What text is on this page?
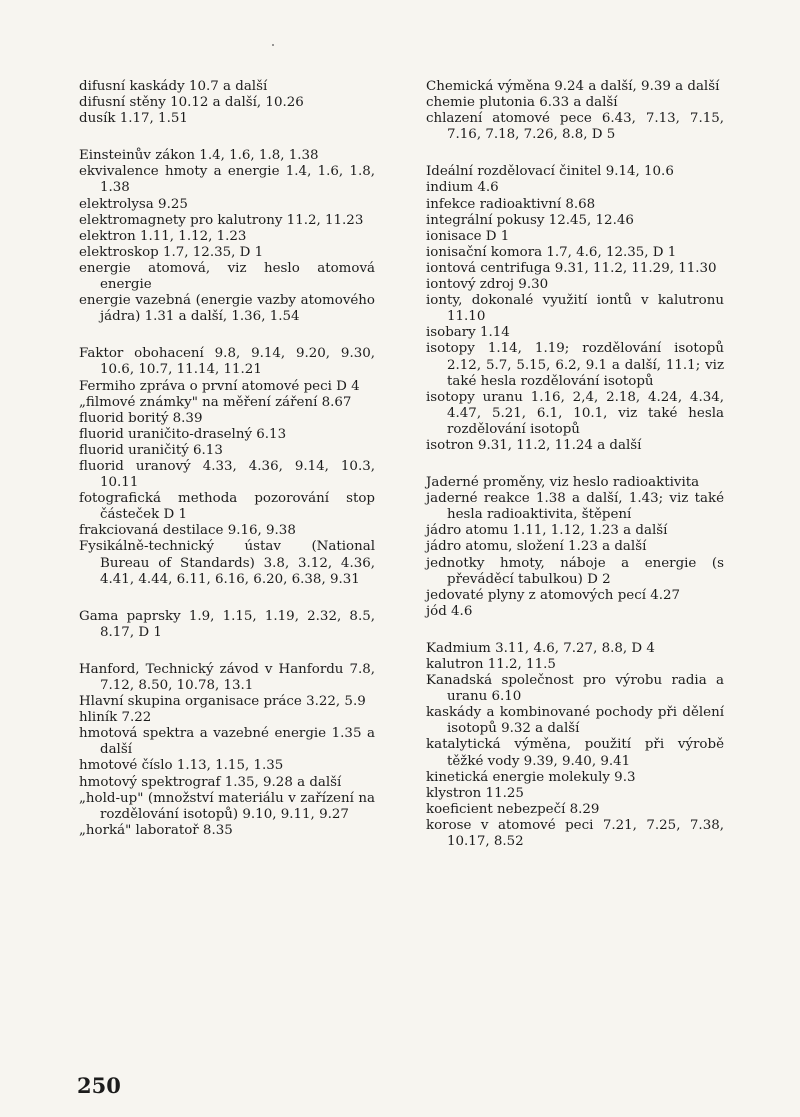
difusní kaskády 10.7 a další

difusní stěny 10.12 a další, 10.26

dusík 1.17, 1.51

Einsteinův zákon 1.4, 1.6, 1.8, 1.38

ekvivalence hmoty a energie 1.4, 1.6, 1.8, 1.38

elektrolysa 9.25

elektromagnety pro kalutrony 11.2, 11.23

elektron 1.11, 1.12, 1.23

elektroskop 1.7, 12.35, D 1

energie atomová, viz heslo atomová energie

energie vazebná (energie vazby atomového jádra) 1.31 a další, 1.36, 1.54

Faktor obohacení 9.8, 9.14, 9.20, 9.30, 10.6, 10.7, 11.14, 11.21

Fermiho zpráva o první atomové peci D 4

„filmové známky" na měření záření 8.67

fluorid boritý 8.39

fluorid uraničito-draselný 6.13

fluorid uraničitý 6.13

fluorid uranový 4.33, 4.36, 9.14, 10.3, 10.11

fotografická methoda pozorování stop částeček D 1

frakciovaná destilace 9.16, 9.38

Fysikálně-technický ústav (National Bureau of Standards) 3.8, 3.12, 4.36, 4.41, 4.44, 6.11, 6.16, 6.20, 6.38, 9.31

Gama paprsky 1.9, 1.15, 1.19, 2.32, 8.5, 8.17, D 1

Hanford, Technický závod v Hanfordu 7.8, 7.12, 8.50, 10.78, 13.1

Hlavní skupina organisace práce 3.22, 5.9

hliník 7.22

hmotová spektra a vazebné energie 1.35 a další

hmotové číslo 1.13, 1.15, 1.35

hmotový spektrograf 1.35, 9.28 a další

„hold-up" (množství materiálu v zařízení na rozdělování isotopů) 9.10, 9.11, 9.27

„horká" laboratoř 8.35

Chemická výměna 9.24 a další, 9.39 a další

chemie plutonia 6.33 a další

chlazení atomové pece 6.43, 7.13, 7.15, 7.16, 7.18, 7.26, 8.8, D 5

Ideální rozdělovací činitel 9.14, 10.6

indium 4.6

infekce radioaktivní 8.68

integrální pokusy 12.45, 12.46

ionisace D 1

ionisační komora 1.7, 4.6, 12.35, D 1

iontová centrifuga 9.31, 11.2, 11.29, 11.30

iontový zdroj 9.30

ionty, dokonalé využití iontů v kalutronu 11.10

isobary 1.14

isotopy 1.14, 1.19; rozdělování isotopů 2.12, 5.7, 5.15, 6.2, 9.1 a další, 11.1; viz také hesla rozdělování isotopů

isotopy uranu 1.16, 2,4, 2.18, 4.24, 4.34, 4.47, 5.21, 6.1, 10.1, viz také hesla rozdělování isotopů

isotron 9.31, 11.2, 11.24 a další

Jaderné proměny, viz heslo radioaktivita

jaderné reakce 1.38 a další, 1.43; viz také hesla radioaktivita, štěpení

jádro atomu 1.11, 1.12, 1.23 a další

jádro atomu, složení 1.23 a další

jednotky hmoty, náboje a energie (s převáděcí tabulkou) D 2

jedovaté plyny z atomových pecí 4.27

jód 4.6

Kadmium 3.11, 4.6, 7.27, 8.8, D 4

kalutron 11.2, 11.5

Kanadská společnost pro výrobu radia a uranu 6.10

kaskády a kombinované pochody při dělení isotopů 9.32 a další

katalytická výměna, použití při výrobě těžké vody 9.39, 9.40, 9.41

kinetická energie molekuly 9.3

klystron 11.25

koeficient nebezpečí 8.29

korose v atomové peci 7.21, 7.25, 7.38, 10.17, 8.52

250
